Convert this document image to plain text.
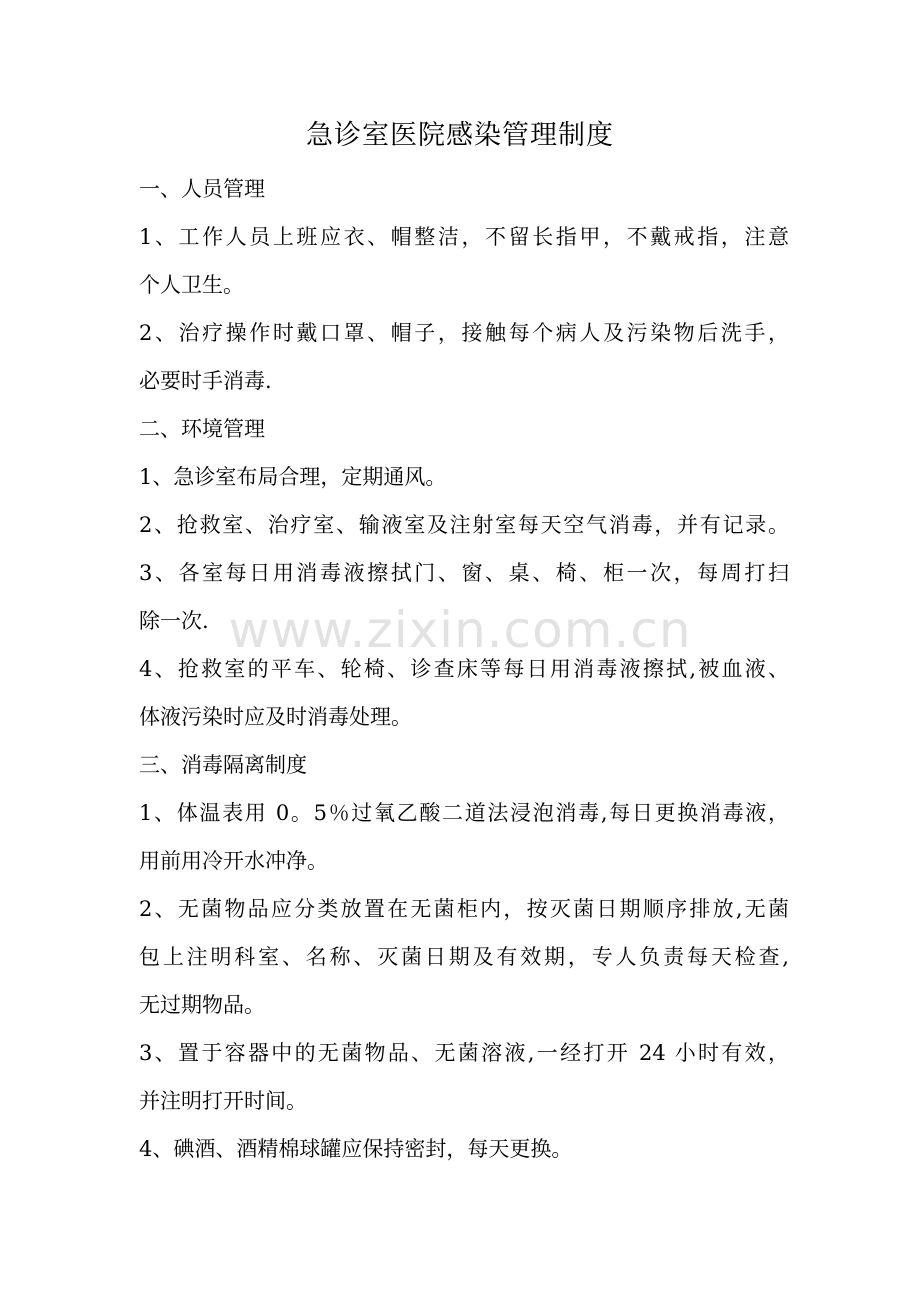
急诊室医院感染管理制度
一、人员管理
1、工作人员上班应衣、帽整洁，不留长指甲，不戴戒指，注意
个人卫生。
2、治疗操作时戴口罩、帽子，接触每个病人及污染物后洗手，
必要时手消毒.
二、环境管理
1、急诊室布局合理，定期通风。
2、抢救室、治疗室、输液室及注射室每天空气消毒，并有记录。
3、各室每日用消毒液擦拭门、窗、桌、椅、柜一次，每周打扫
除一次.
4、抢救室的平车、轮椅、诊查床等每日用消毒液擦拭,被血液、
体液污染时应及时消毒处理。
三、消毒隔离制度
1、体温表用 0。5％过氧乙酸二道法浸泡消毒,每日更换消毒液，
用前用冷开水冲净。
2、无菌物品应分类放置在无菌柜内，按灭菌日期顺序排放,无菌
包上注明科室、名称、灭菌日期及有效期，专人负责每天检查,
无过期物品。
3、置于容器中的无菌物品、无菌溶液,一经打开 24 小时有效，
并注明打开时间。
4、碘酒、酒精棉球罐应保持密封，每天更换。
www.zixin.com.cn
